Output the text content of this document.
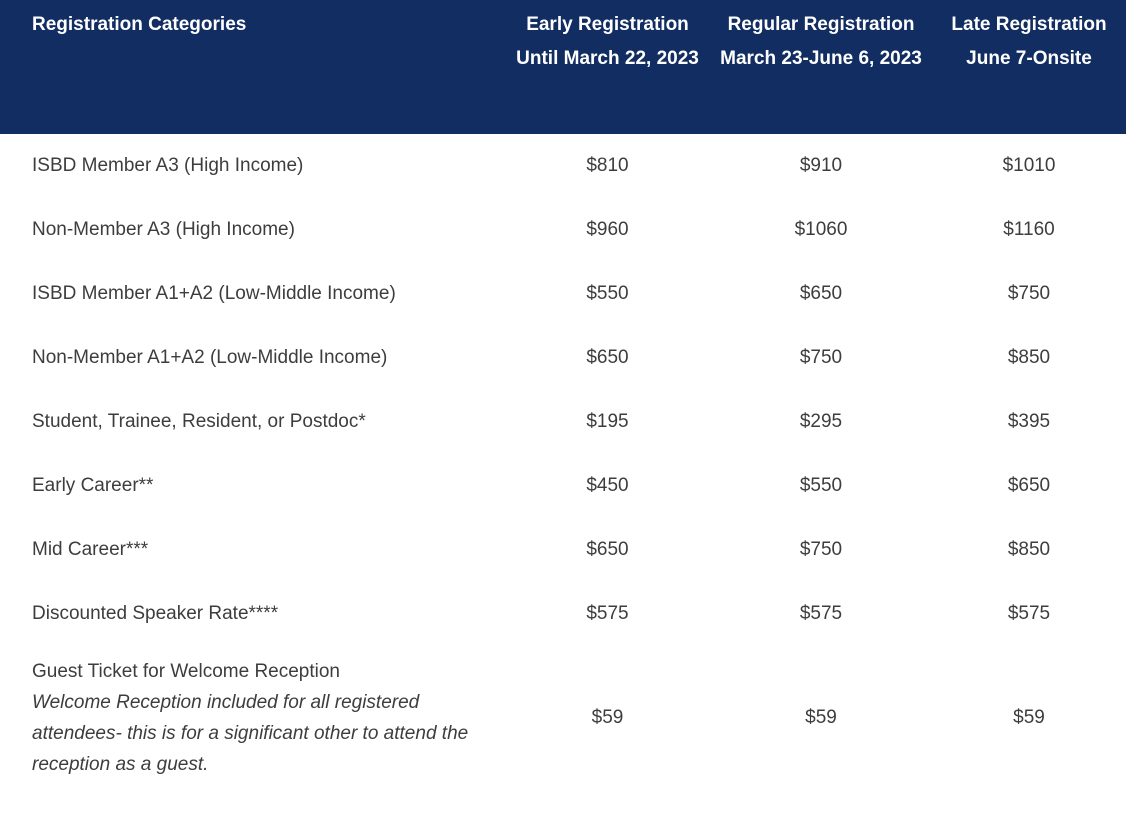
Registration Categories	Early Registration Until March 22, 2023	Regular Registration March 23-June 6, 2023	Late Registration June 7-Onsite
ISBD Member A3 (High Income)	$810	$910	$1010
Non-Member A3 (High Income)	$960	$1060	$1160
ISBD Member A1+A2 (Low-Middle Income)	$550	$650	$750
Non-Member A1+A2 (Low-Middle Income)	$650	$750	$850
Student, Trainee, Resident, or Postdoc*	$195	$295	$395
Early Career**	$450	$550	$650
Mid Career***	$650	$750	$850
Discounted Speaker Rate****	$575	$575	$575

Guest Ticket for Welcome Reception
Welcome Reception included for all registered attendees- this is for a significant other to attend the reception as a guest.	$59	$59	$59
